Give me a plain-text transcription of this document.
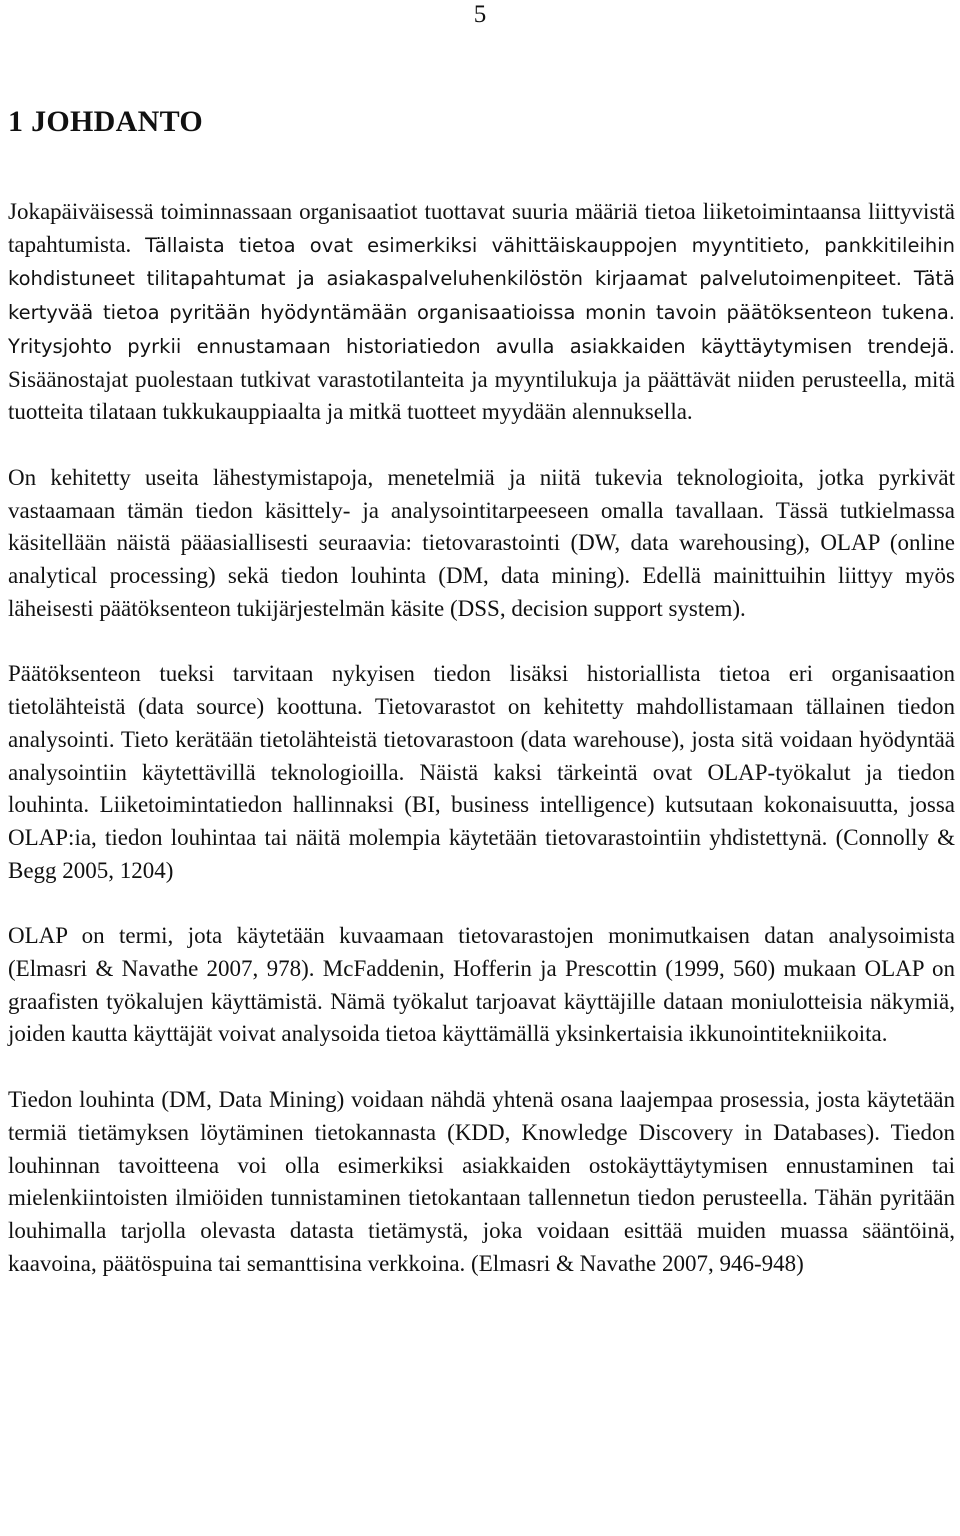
5
1 JOHDANTO

Jokapäiväisessä toiminnassaan organisaatiot tuottavat suuria määriä tietoa liiketoimintaansa liittyvistä tapahtumista. Tällaista tietoa ovat esimerkiksi vähittäiskauppojen myyntitieto, pankkitileihin kohdistuneet tilitapahtumat ja asiakaspalveluhenkilöstön kirjaamat palvelutoimenpiteet. Tätä kertyvää tietoa pyritään hyödyntämään organisaatioissa monin tavoin päätöksenteon tukena. Yritysjohto pyrkii ennustamaan historiatiedon avulla asiakkaiden käyttäytymisen trendejä. Sisäänostajat puolestaan tutkivat varastotilanteita ja myyntilukuja ja päättävät niiden perusteella, mitä tuotteita tilataan tukkukauppiaalta ja mitkä tuotteet myydään alennuksella.

On kehitetty useita lähestymistapoja, menetelmiä ja niitä tukevia teknologioita, jotka pyrkivät vastaamaan tämän tiedon käsittely- ja analysointitarpeeseen omalla tavallaan. Tässä tutkielmassa käsitellään näistä pääasiallisesti seuraavia: tietovarastointi (DW, data warehousing), OLAP (online analytical processing) sekä tiedon louhinta (DM, data mining). Edellä mainittuihin liittyy myös läheisesti päätöksenteon tukijärjestelmän käsite (DSS, decision support system).

Päätöksenteon tueksi tarvitaan nykyisen tiedon lisäksi historiallista tietoa eri organisaation tietolähteistä (data source) koottuna. Tietovarastot on kehitetty mahdollistamaan tällainen tiedon analysointi. Tieto kerätään tietolähteistä tietovarastoon (data warehouse), josta sitä voidaan hyödyntää analysointiin käytettävillä teknologioilla. Näistä kaksi tärkeintä ovat OLAP-työkalut ja tiedon louhinta. Liiketoimintatiedon hallinnaksi (BI, business intelligence) kutsutaan kokonaisuutta, jossa OLAP:ia, tiedon louhintaa tai näitä molempia käytetään tietovarastointiin yhdistettynä. (Connolly & Begg 2005, 1204)

OLAP on termi, jota käytetään kuvaamaan tietovarastojen monimutkaisen datan analysoimista (Elmasri & Navathe 2007, 978). McFaddenin, Hofferin ja Prescottin (1999, 560) mukaan OLAP on graafisten työkalujen käyttämistä. Nämä työkalut tarjoavat käyttäjille dataan moniulotteisia näkymiä, joiden kautta käyttäjät voivat analysoida tietoa käyttämällä yksinkertaisia ikkunointitekniikoita.

Tiedon louhinta (DM, Data Mining) voidaan nähdä yhtenä osana laajempaa prosessia, josta käytetään termiä tietämyksen löytäminen tietokannasta (KDD, Knowledge Discovery in Databases). Tiedon louhinnan tavoitteena voi olla esimerkiksi asiakkaiden ostokäyttäytymisen ennustaminen tai mielenkiintoisten ilmiöiden tunnistaminen tietokantaan tallennetun tiedon perusteella. Tähän pyritään louhimalla tarjolla olevasta datasta tietämystä, joka voidaan esittää muiden muassa sääntöinä, kaavoina, päätöspuina tai semanttisina verkkoina. (Elmasri & Navathe 2007, 946-948)
